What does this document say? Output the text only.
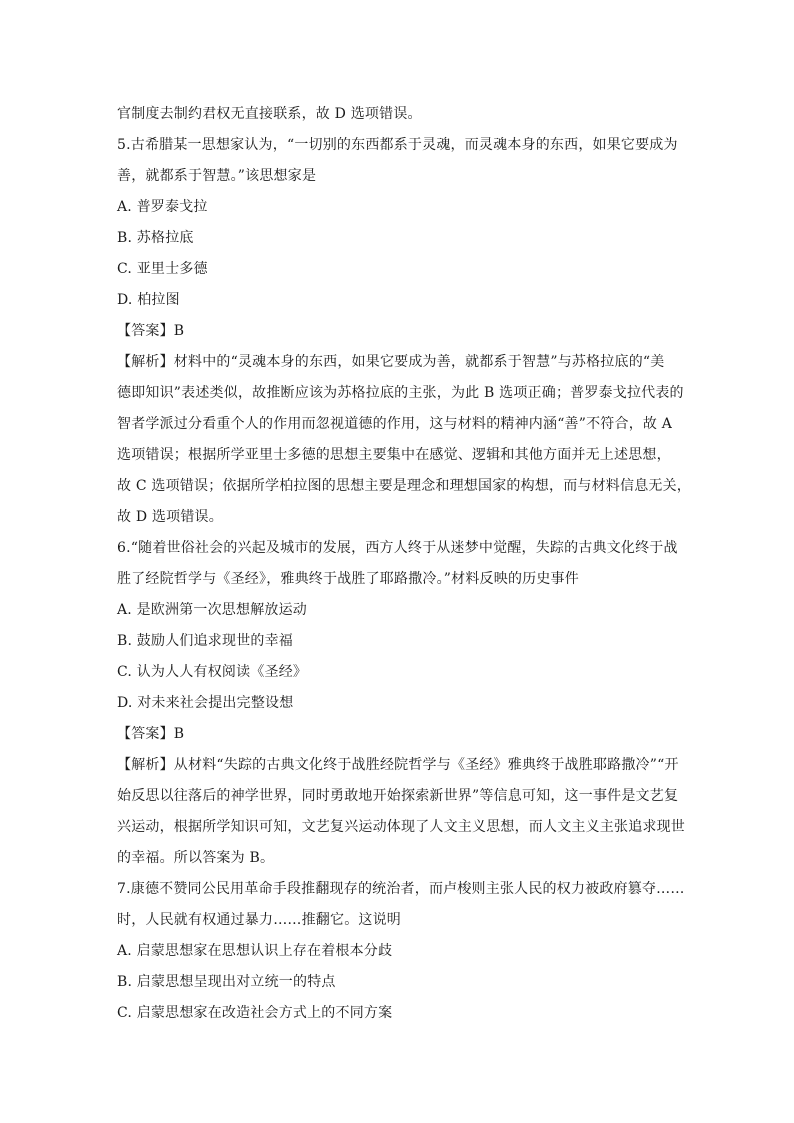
官制度去制约君权无直接联系，故 D 选项错误。
5.古希腊某一思想家认为，“一切别的东西都系于灵魂，而灵魂本身的东西，如果它要成为
善，就都系于智慧。”该思想家是
A. 普罗泰戈拉
B. 苏格拉底
C. 亚里士多德
D. 柏拉图
【答案】B
【解析】材料中的“灵魂本身的东西，如果它要成为善，就都系于智慧”与苏格拉底的“美
德即知识”表述类似，故推断应该为苏格拉底的主张，为此 B 选项正确；普罗泰戈拉代表的
智者学派过分看重个人的作用而忽视道德的作用，这与材料的精神内涵“善”不符合，故 A
选项错误；根据所学亚里士多德的思想主要集中在感觉、逻辑和其他方面并无上述思想，
故 C 选项错误；依据所学柏拉图的思想主要是理念和理想国家的构想，而与材料信息无关，
故 D 选项错误。
6.“随着世俗社会的兴起及城市的发展，西方人终于从迷梦中觉醒，失踪的古典文化终于战
胜了经院哲学与《圣经》，雅典终于战胜了耶路撒冷。”材料反映的历史事件
A. 是欧洲第一次思想解放运动
B. 鼓励人们追求现世的幸福
C. 认为人人有权阅读《圣经》
D. 对未来社会提出完整设想
【答案】B
【解析】从材料“失踪的古典文化终于战胜经院哲学与《圣经》雅典终于战胜耶路撒冷”“开
始反思以往落后的神学世界，同时勇敢地开始探索新世界”等信息可知，这一事件是文艺复
兴运动，根据所学知识可知，文艺复兴运动体现了人文主义思想，而人文主义主张追求现世
的幸福。所以答案为 B。
7.康德不赞同公民用革命手段推翻现存的统治者，而卢梭则主张人民的权力被政府篡夺……
时，人民就有权通过暴力……推翻它。这说明
A. 启蒙思想家在思想认识上存在着根本分歧
B. 启蒙思想呈现出对立统一的特点
C. 启蒙思想家在改造社会方式上的不同方案
